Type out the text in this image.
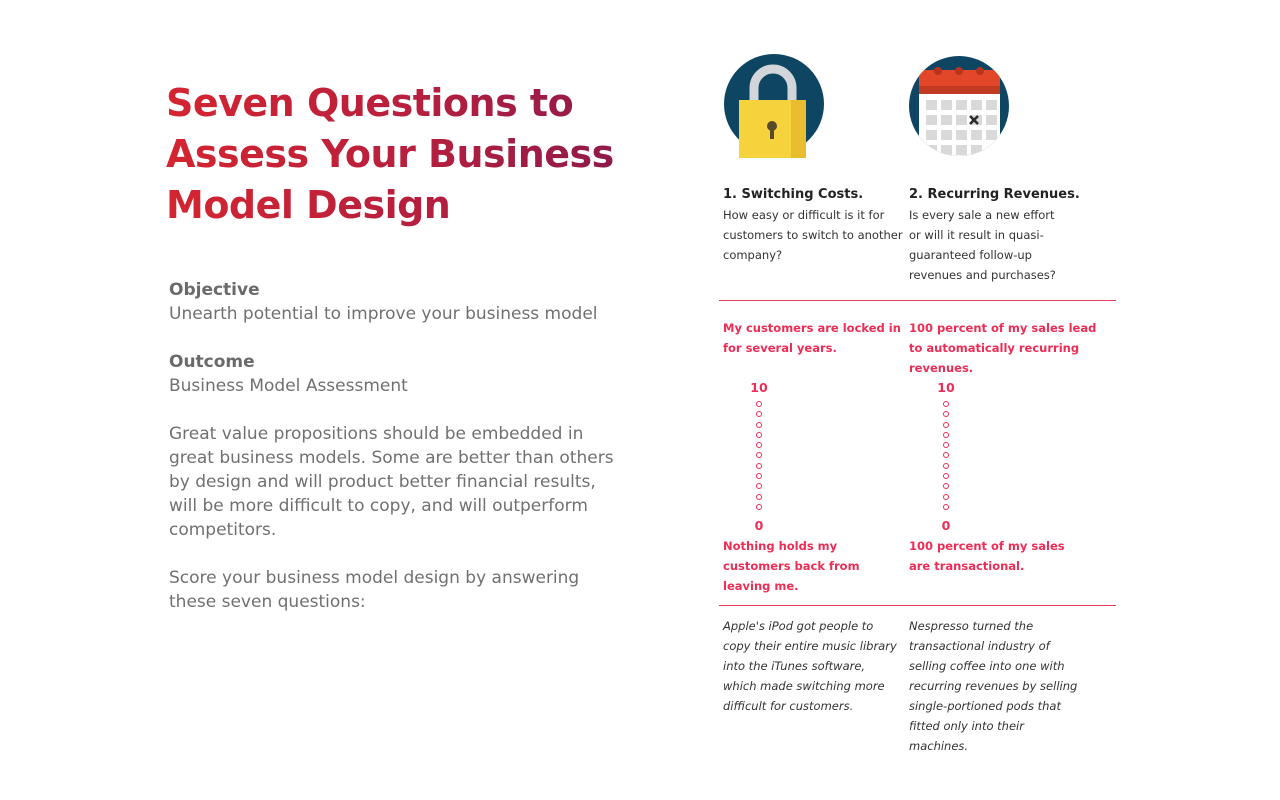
Seven Questions to
Assess Your Business
Model Design
Objective
Unearth potential to improve your business model
Outcome
Business Model Assessment
Great value propositions should be embedded in great business models. Some are better than others by design and will product better financial results, will be more difficult to copy, and will outperform competitors.
Score your business model design by answering these seven questions:
1. Switching Costs.
How easy or difficult is it for customers to switch to another company?
2. Recurring Revenues.
Is every sale a new effort or will it result in quasi-guaranteed follow-up revenues and purchases?
My customers are locked in for several years.
10
0
Nothing holds my customers back from leaving me.
100 percent of my sales lead to automatically recurring revenues.
10
0
100 percent of my sales are transactional.
Apple's iPod got people to copy their entire music library into the iTunes software, which made switching more difficult for customers.
Nespresso turned the transactional industry of selling coffee into one with recurring revenues by selling single-portioned pods that fitted only into their machines.
